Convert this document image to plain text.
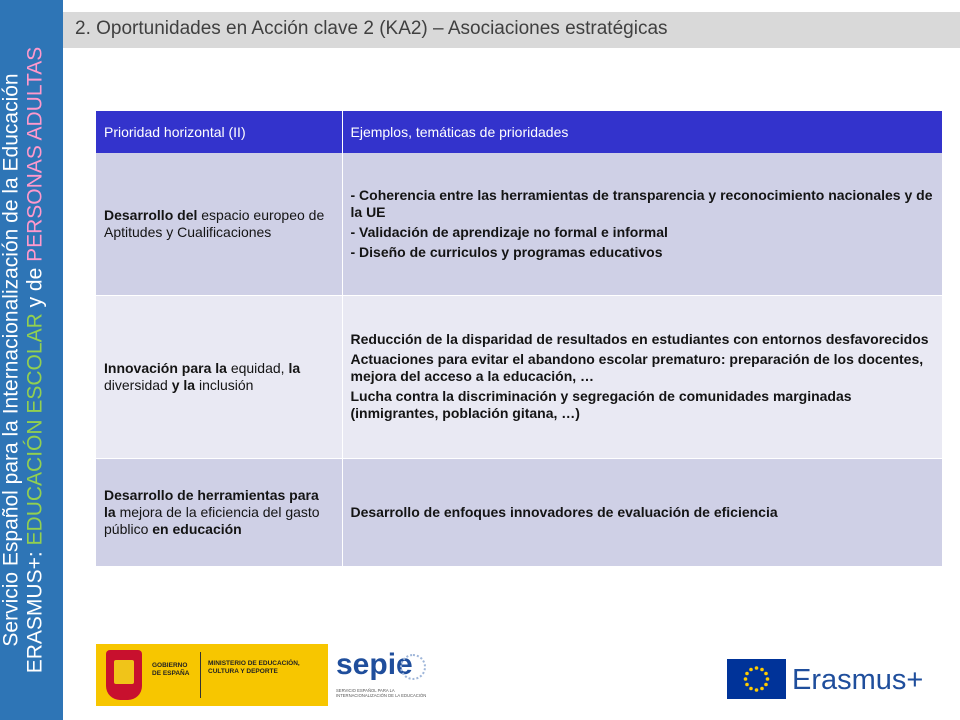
Servicio Español para la Internacionalización de la Educación ERASMUS+: EDUCACIÓN ESCOLAR y de PERSONAS ADULTAS
2. Oportunidades en Acción clave 2 (KA2) – Asociaciones estratégicas
Prioridad horizontal (II)	Ejemplos, temáticas de prioridades
Desarrollo del espacio europeo de Aptitudes y Cualificaciones	- Coherencia entre las herramientas de transparencia y reconocimiento nacionales y de la UE
- Validación de aprendizaje no formal e informal
- Diseño de curriculos y programas educativos

Innovación para la equidad, la diversidad y la inclusión	Reducción de la disparidad de resultados en estudiantes con entornos desfavorecidos
Actuaciones para evitar el abandono escolar prematuro: preparación de los docentes, mejora del acceso a la educación, …
Lucha contra la discriminación y segregación de comunidades marginadas (inmigrantes, población gitana, …)

Desarrollo de herramientas para la mejora de la eficiencia del gasto público en educación	Desarrollo de enfoques innovadores de evaluación de eficiencia
GOBIERNO DE ESPAÑA
MINISTERIO DE EDUCACIÓN, CULTURA Y DEPORTE	sepie
SERVICIO ESPAÑOL PARA LA INTERNACIONALIZACIÓN DE LA EDUCACIÓN	Erasmus+
